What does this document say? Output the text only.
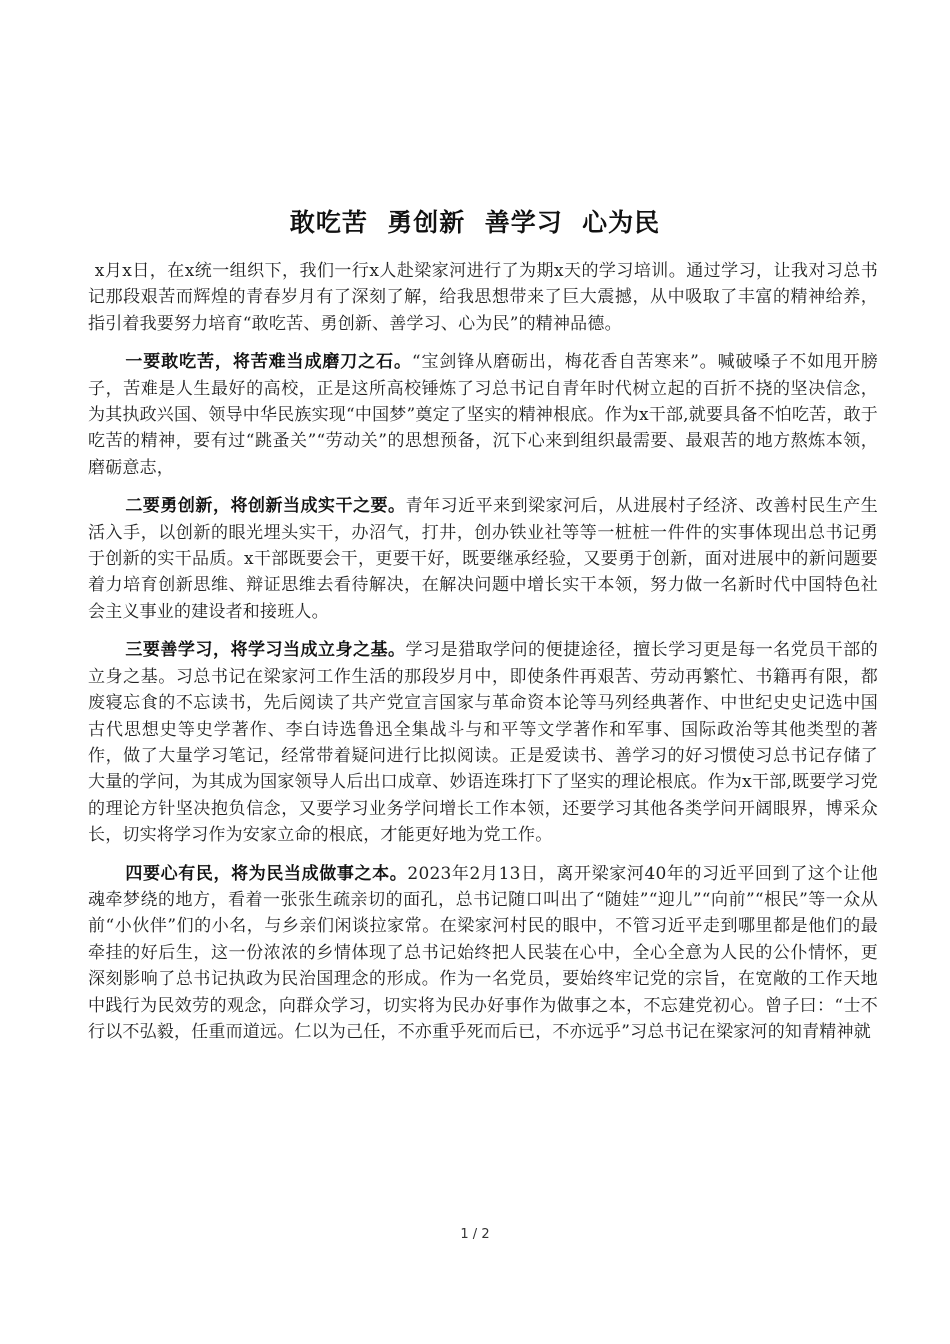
敢吃苦  勇创新  善学习  心为民

x月x日，在x统一组织下，我们一行x人赴梁家河进行了为期x天的学习培训。通过学习，让我对习总书记那段艰苦而辉煌的青春岁月有了深刻了解，给我思想带来了巨大震撼，从中吸取了丰富的精神给养，指引着我要努力培育“敢吃苦、勇创新、善学习、心为民”的精神品德。

一要敢吃苦，将苦难当成磨刀之石。“宝剑锋从磨砺出，梅花香自苦寒来”。喊破嗓子不如甩开膀子，苦难是人生最好的高校，正是这所高校锤炼了习总书记自青年时代树立起的百折不挠的坚决信念，为其执政兴国、领导中华民族实现“中国梦”奠定了坚实的精神根底。作为x干部,就要具备不怕吃苦，敢于吃苦的精神，要有过“跳蚤关”“劳动关”的思想预备，沉下心来到组织最需要、最艰苦的地方熬炼本领，磨砺意志，

二要勇创新，将创新当成实干之要。青年习近平来到梁家河后，从进展村子经济、改善村民生产生活入手，以创新的眼光埋头实干，办沼气，打井，创办铁业社等等一桩桩一件件的实事体现出总书记勇于创新的实干品质。x干部既要会干，更要干好，既要继承经验，又要勇于创新，面对进展中的新问题要着力培育创新思维、辩证思维去看待解决，在解决问题中增长实干本领，努力做一名新时代中国特色社会主义事业的建设者和接班人。

三要善学习，将学习当成立身之基。学习是猎取学问的便捷途径，擅长学习更是每一名党员干部的立身之基。习总书记在梁家河工作生活的那段岁月中，即使条件再艰苦、劳动再繁忙、书籍再有限，都废寝忘食的不忘读书，先后阅读了共产党宣言国家与革命资本论等马列经典著作、中世纪史史记选中国古代思想史等史学著作、李白诗选鲁迅全集战斗与和平等文学著作和军事、国际政治等其他类型的著作，做了大量学习笔记，经常带着疑问进行比拟阅读。正是爱读书、善学习的好习惯使习总书记存储了大量的学问，为其成为国家领导人后出口成章、妙语连珠打下了坚实的理论根底。作为x干部,既要学习党的理论方针坚决抱负信念，又要学习业务学问增长工作本领，还要学习其他各类学问开阔眼界，博采众长，切实将学习作为安家立命的根底，才能更好地为党工作。

四要心有民，将为民当成做事之本。2023年2月13日，离开梁家河40年的习近平回到了这个让他魂牵梦绕的地方，看着一张张生疏亲切的面孔，总书记随口叫出了“随娃”“迎儿”“向前”“根民”等一众从前“小伙伴”们的小名，与乡亲们闲谈拉家常。在梁家河村民的眼中，不管习近平走到哪里都是他们的最牵挂的好后生，这一份浓浓的乡情体现了总书记始终把人民装在心中，全心全意为人民的公仆情怀，更深刻影响了总书记执政为民治国理念的形成。作为一名党员，要始终牢记党的宗旨，在宽敞的工作天地中践行为民效劳的观念，向群众学习，切实将为民办好事作为做事之本，不忘建党初心。曾子曰：“士不行以不弘毅，任重而道远。仁以为己任，不亦重乎死而后已，不亦远乎”习总书记在梁家河的知青精神就

1 / 2
